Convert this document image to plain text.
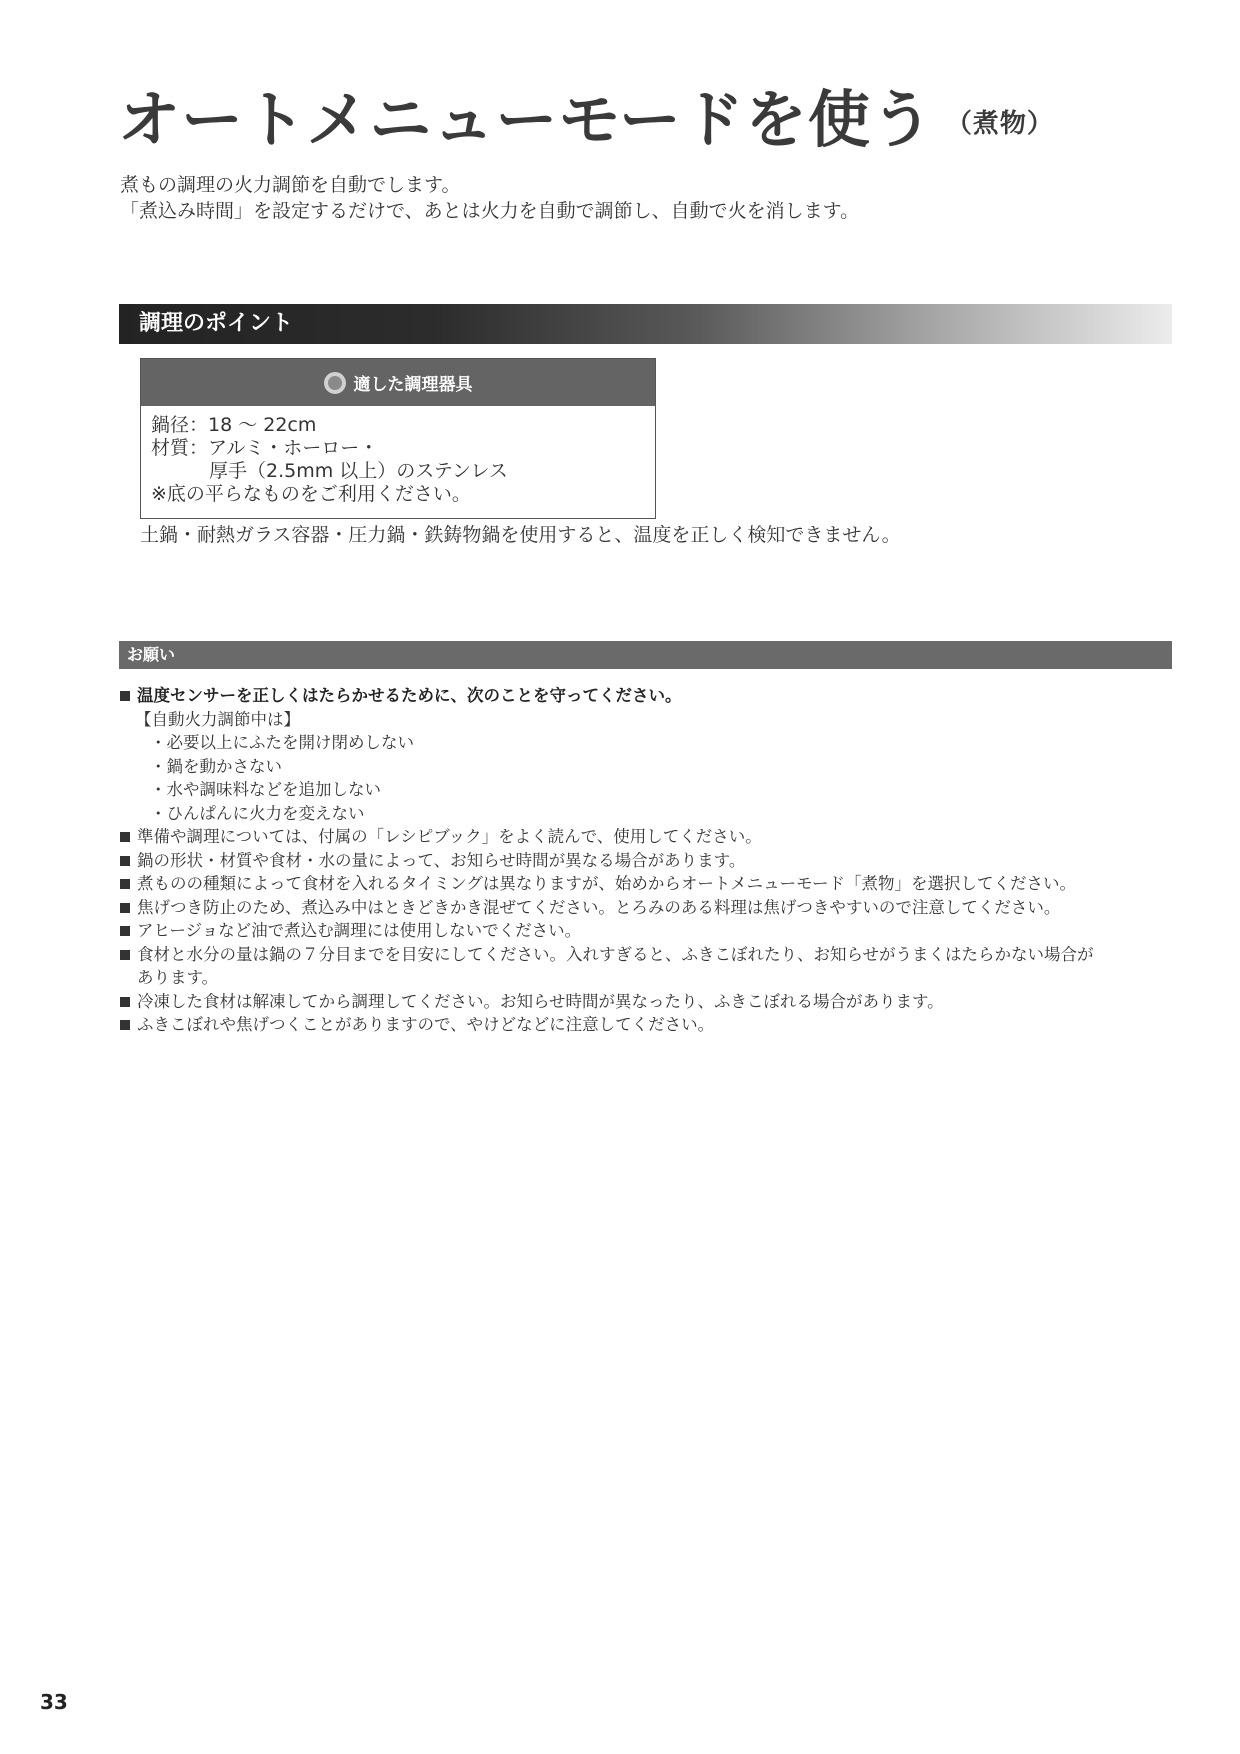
オートメニューモードを使う （煮物）
煮もの調理の火力調節を自動でします。
「煮込み時間」を設定するだけで、あとは火力を自動で調節し、自動で火を消します。
調理のポイント
適した調理器具
鍋径：18 ～ 22cm
材質：アルミ・ホーロー・
厚手（2.5mm 以上）のステンレス
※底の平らなものをご利用ください。
土鍋・耐熱ガラス容器・圧力鍋・鉄鋳物鍋を使用すると、温度を正しく検知できません。
お願い
温度センサーを正しくはたらかせるために、次のことを守ってください。
【自動火力調節中は】
・必要以上にふたを開け閉めしない
・鍋を動かさない
・水や調味料などを追加しない
・ひんぱんに火力を変えない
準備や調理については、付属の「レシピブック」をよく読んで、使用してください。
鍋の形状・材質や食材・水の量によって、お知らせ時間が異なる場合があります。
煮ものの種類によって食材を入れるタイミングは異なりますが、始めからオートメニューモード「煮物」を選択してください。
焦げつき防止のため、煮込み中はときどきかき混ぜてください。とろみのある料理は焦げつきやすいので注意してください。
アヒージョなど油で煮込む調理には使用しないでください。
食材と水分の量は鍋の７分目までを目安にしてください。入れすぎると、ふきこぼれたり、お知らせがうまくはたらかない場合が
あります。
冷凍した食材は解凍してから調理してください。お知らせ時間が異なったり、ふきこぼれる場合があります。
ふきこぼれや焦げつくことがありますので、やけどなどに注意してください。
33
